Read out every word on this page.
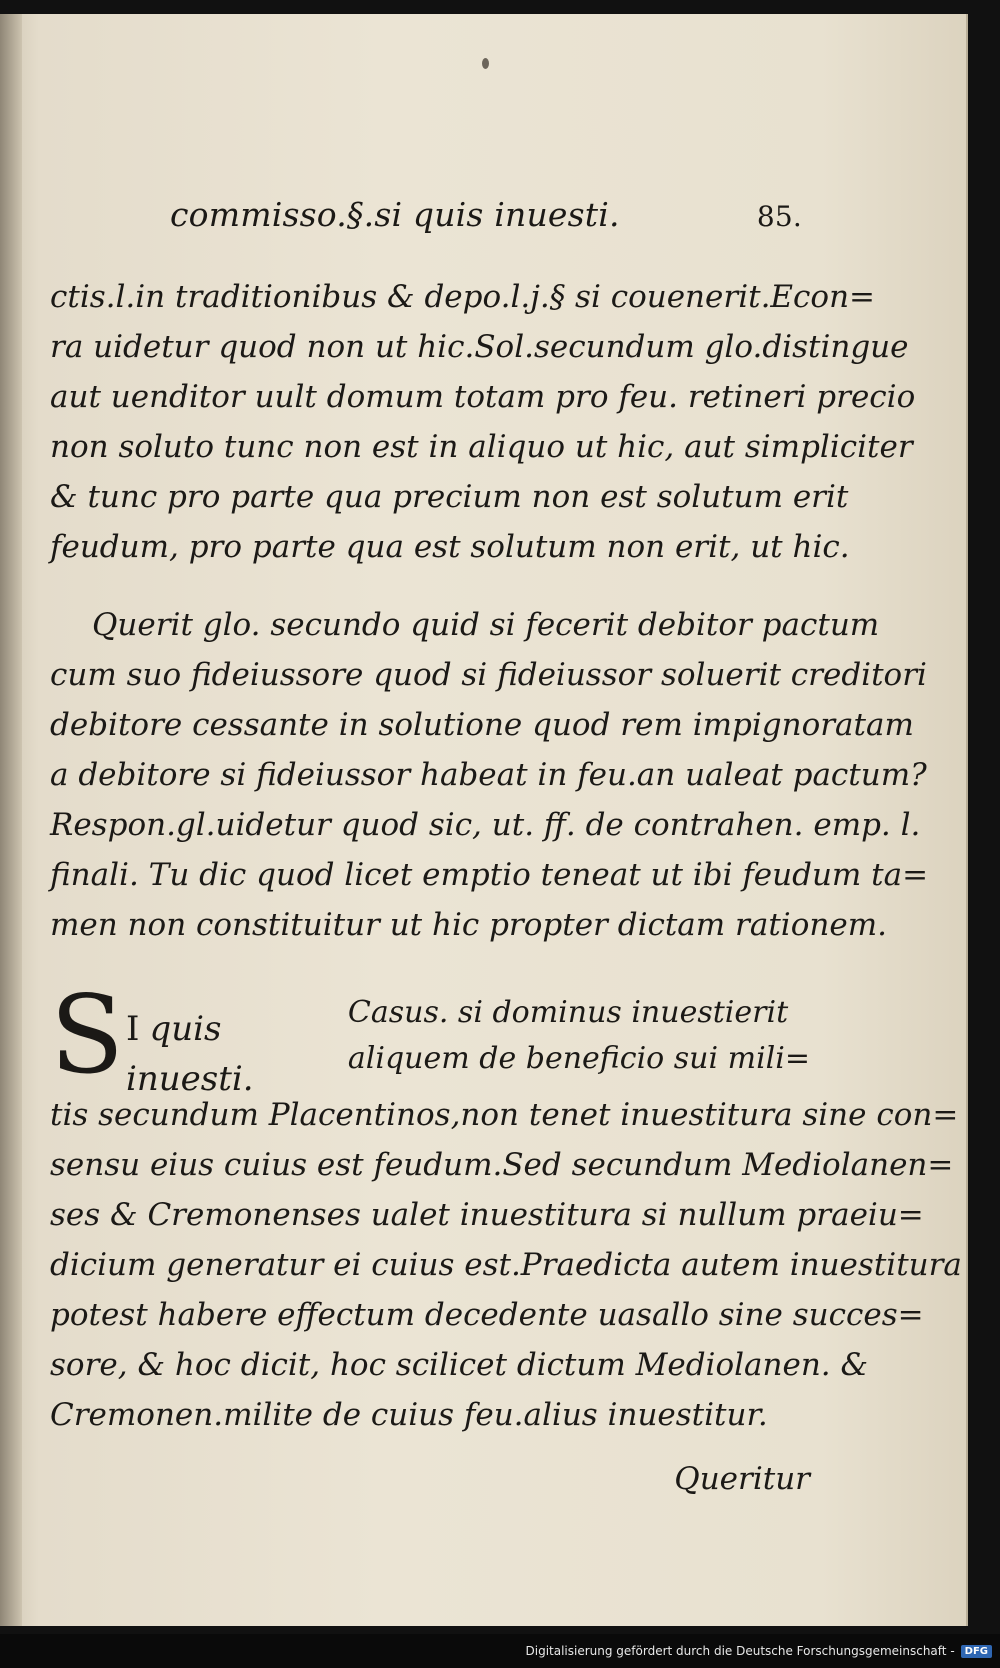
commisso.§.si quis inuesti.	85.
ctis.l.in traditionibus & depo.l.j.§ si couenerit.Econ=
ra uidetur quod non ut hic.Sol.secundum glo.distingue
aut uenditor uult domum totam pro feu. retineri precio
non soluto tunc non est in aliquo ut hic, aut simpliciter
& tunc pro parte qua precium non est solutum erit
feudum, pro parte qua est solutum non erit, ut hic.
Querit glo. secundo quid si fecerit debitor pactum
cum suo fideiussore quod si fideiussor soluerit creditori
debitore cessante in solutione quod rem impignoratam
a debitore si fideiussor habeat in feu.an ualeat pactum?
Respon.gl.uidetur quod sic, ut. ff. de contrahen. emp. l.
finali. Tu dic quod licet emptio teneat ut ibi feudum ta=
men non constituitur ut hic propter dictam rationem.
S I quis inuesti.
Casus. si dominus inuestierit
aliquem de beneficio sui mili=
tis secundum Placentinos,non tenet inuestitura sine con=
sensu eius cuius est feudum.Sed secundum Mediolanen=
ses & Cremonenses ualet inuestitura si nullum praeiu=
dicium generatur ei cuius est.Praedicta autem inuestitura
potest habere effectum decedente uasallo sine succes=
sore, & hoc dicit, hoc scilicet dictum Mediolanen. &
Cremonen.milite de cuius feu.alius inuestitur.
Queritur
Digitalisierung gefördert durch die Deutsche Forschungsgemeinschaft -	DFG
